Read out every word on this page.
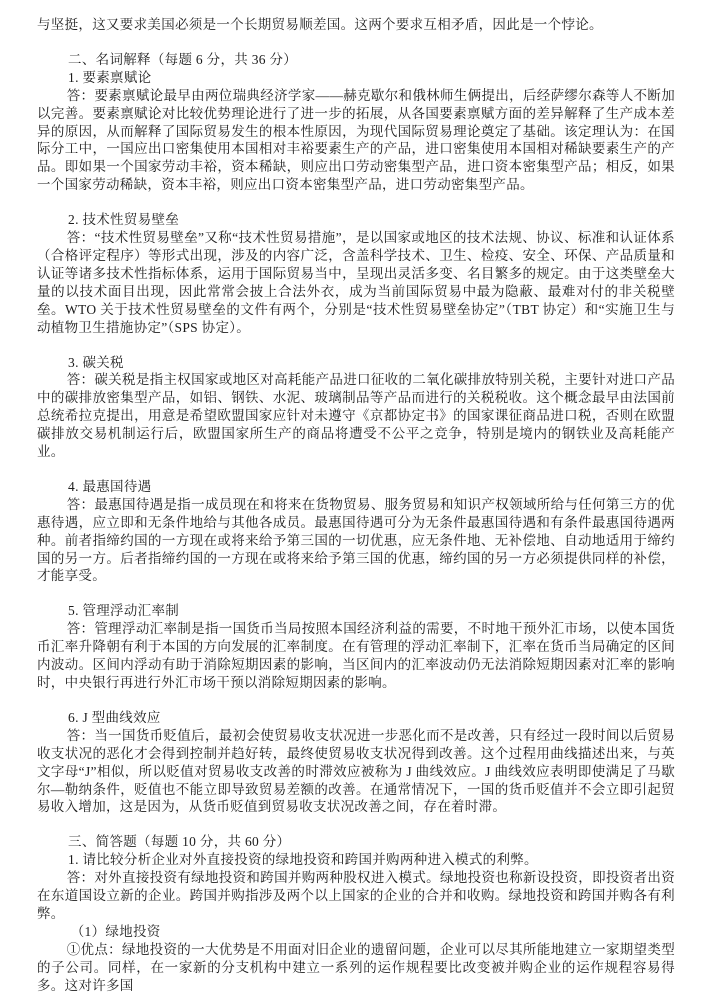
与坚挺，这又要求美国必须是一个长期贸易顺差国。这两个要求互相矛盾，因此是一个悖论。

二、名词解释（每题 6 分，共 36 分）

1. 要素禀赋论

答：要素禀赋论最早由两位瑞典经济学家——赫克歇尔和俄林师生俩提出，后经萨缪尔森等人不断加以完善。要素禀赋论对比较优势理论进行了进一步的拓展，从各国要素禀赋方面的差异解释了生产成本差异的原因，从而解释了国际贸易发生的根本性原因，为现代国际贸易理论奠定了基础。该定理认为：在国际分工中，一国应出口密集使用本国相对丰裕要素生产的产品，进口密集使用本国相对稀缺要素生产的产品。即如果一个国家劳动丰裕，资本稀缺，则应出口劳动密集型产品，进口资本密集型产品；相反，如果一个国家劳动稀缺，资本丰裕，则应出口资本密集型产品，进口劳动密集型产品。

2. 技术性贸易壁垒

答：“技术性贸易壁垒”又称“技术性贸易措施”，是以国家或地区的技术法规、协议、标准和认证体系（合格评定程序）等形式出现，涉及的内容广泛，含盖科学技术、卫生、检疫、安全、环保、产品质量和认证等诸多技术性指标体系，运用于国际贸易当中，呈现出灵活多变、名目繁多的规定。由于这类壁垒大量的以技术面目出现，因此常常会披上合法外衣，成为当前国际贸易中最为隐蔽、最难对付的非关税壁垒。WTO 关于技术性贸易壁垒的文件有两个，分别是“技术性贸易壁垒协定”（TBT 协定）和“实施卫生与动植物卫生措施协定”（SPS 协定）。

3. 碳关税

答：碳关税是指主权国家或地区对高耗能产品进口征收的二氧化碳排放特别关税，主要针对进口产品中的碳排放密集型产品，如铝、钢铁、水泥、玻璃制品等产品而进行的关税税收。这个概念最早由法国前总统希拉克提出，用意是希望欧盟国家应针对未遵守《京都协定书》的国家课征商品进口税，否则在欧盟碳排放交易机制运行后，欧盟国家所生产的商品将遭受不公平之竞争，特别是境内的钢铁业及高耗能产业。

4. 最惠国待遇

答：最惠国待遇是指一成员现在和将来在货物贸易、服务贸易和知识产权领域所给与任何第三方的优惠待遇，应立即和无条件地给与其他各成员。最惠国待遇可分为无条件最惠国待遇和有条件最惠国待遇两种。前者指缔约国的一方现在或将来给予第三国的一切优惠，应无条件地、无补偿地、自动地适用于缔约国的另一方。后者指缔约国的一方现在或将来给予第三国的优惠，缔约国的另一方必须提供同样的补偿，才能享受。

5. 管理浮动汇率制

答：管理浮动汇率制是指一国货币当局按照本国经济利益的需要，不时地干预外汇市场，以使本国货币汇率升降朝有利于本国的方向发展的汇率制度。在有管理的浮动汇率制下，汇率在货币当局确定的区间内波动。区间内浮动有助于消除短期因素的影响，当区间内的汇率波动仍无法消除短期因素对汇率的影响时，中央银行再进行外汇市场干预以消除短期因素的影响。

6. J 型曲线效应

答：当一国货币贬值后，最初会使贸易收支状况进一步恶化而不是改善，只有经过一段时间以后贸易收支状况的恶化才会得到控制并趋好转，最终使贸易收支状况得到改善。这个过程用曲线描述出来，与英文字母“J”相似，所以贬值对贸易收支改善的时滞效应被称为 J 曲线效应。J 曲线效应表明即使满足了马歇尔—勒纳条件，贬值也不能立即导致贸易差额的改善。在通常情况下，一国的货币贬值并不会立即引起贸易收入增加，这是因为，从货币贬值到贸易收支状况改善之间，存在着时滞。

三、简答题（每题 10 分，共 60 分）

1. 请比较分析企业对外直接投资的绿地投资和跨国并购两种进入模式的利弊。

答：对外直接投资有绿地投资和跨国并购两种股权进入模式。绿地投资也称新设投资，即投资者出资在东道国设立新的企业。跨国并购指涉及两个以上国家的企业的合并和收购。绿地投资和跨国并购各有利弊。

（1）绿地投资

①优点：绿地投资的一大优势是不用面对旧企业的遗留问题，企业可以尽其所能地建立一家期望类型的子公司。同样，在一家新的分支机构中建立一系列的运作规程要比改变被并购企业的运作规程容易得多。这对许多国
